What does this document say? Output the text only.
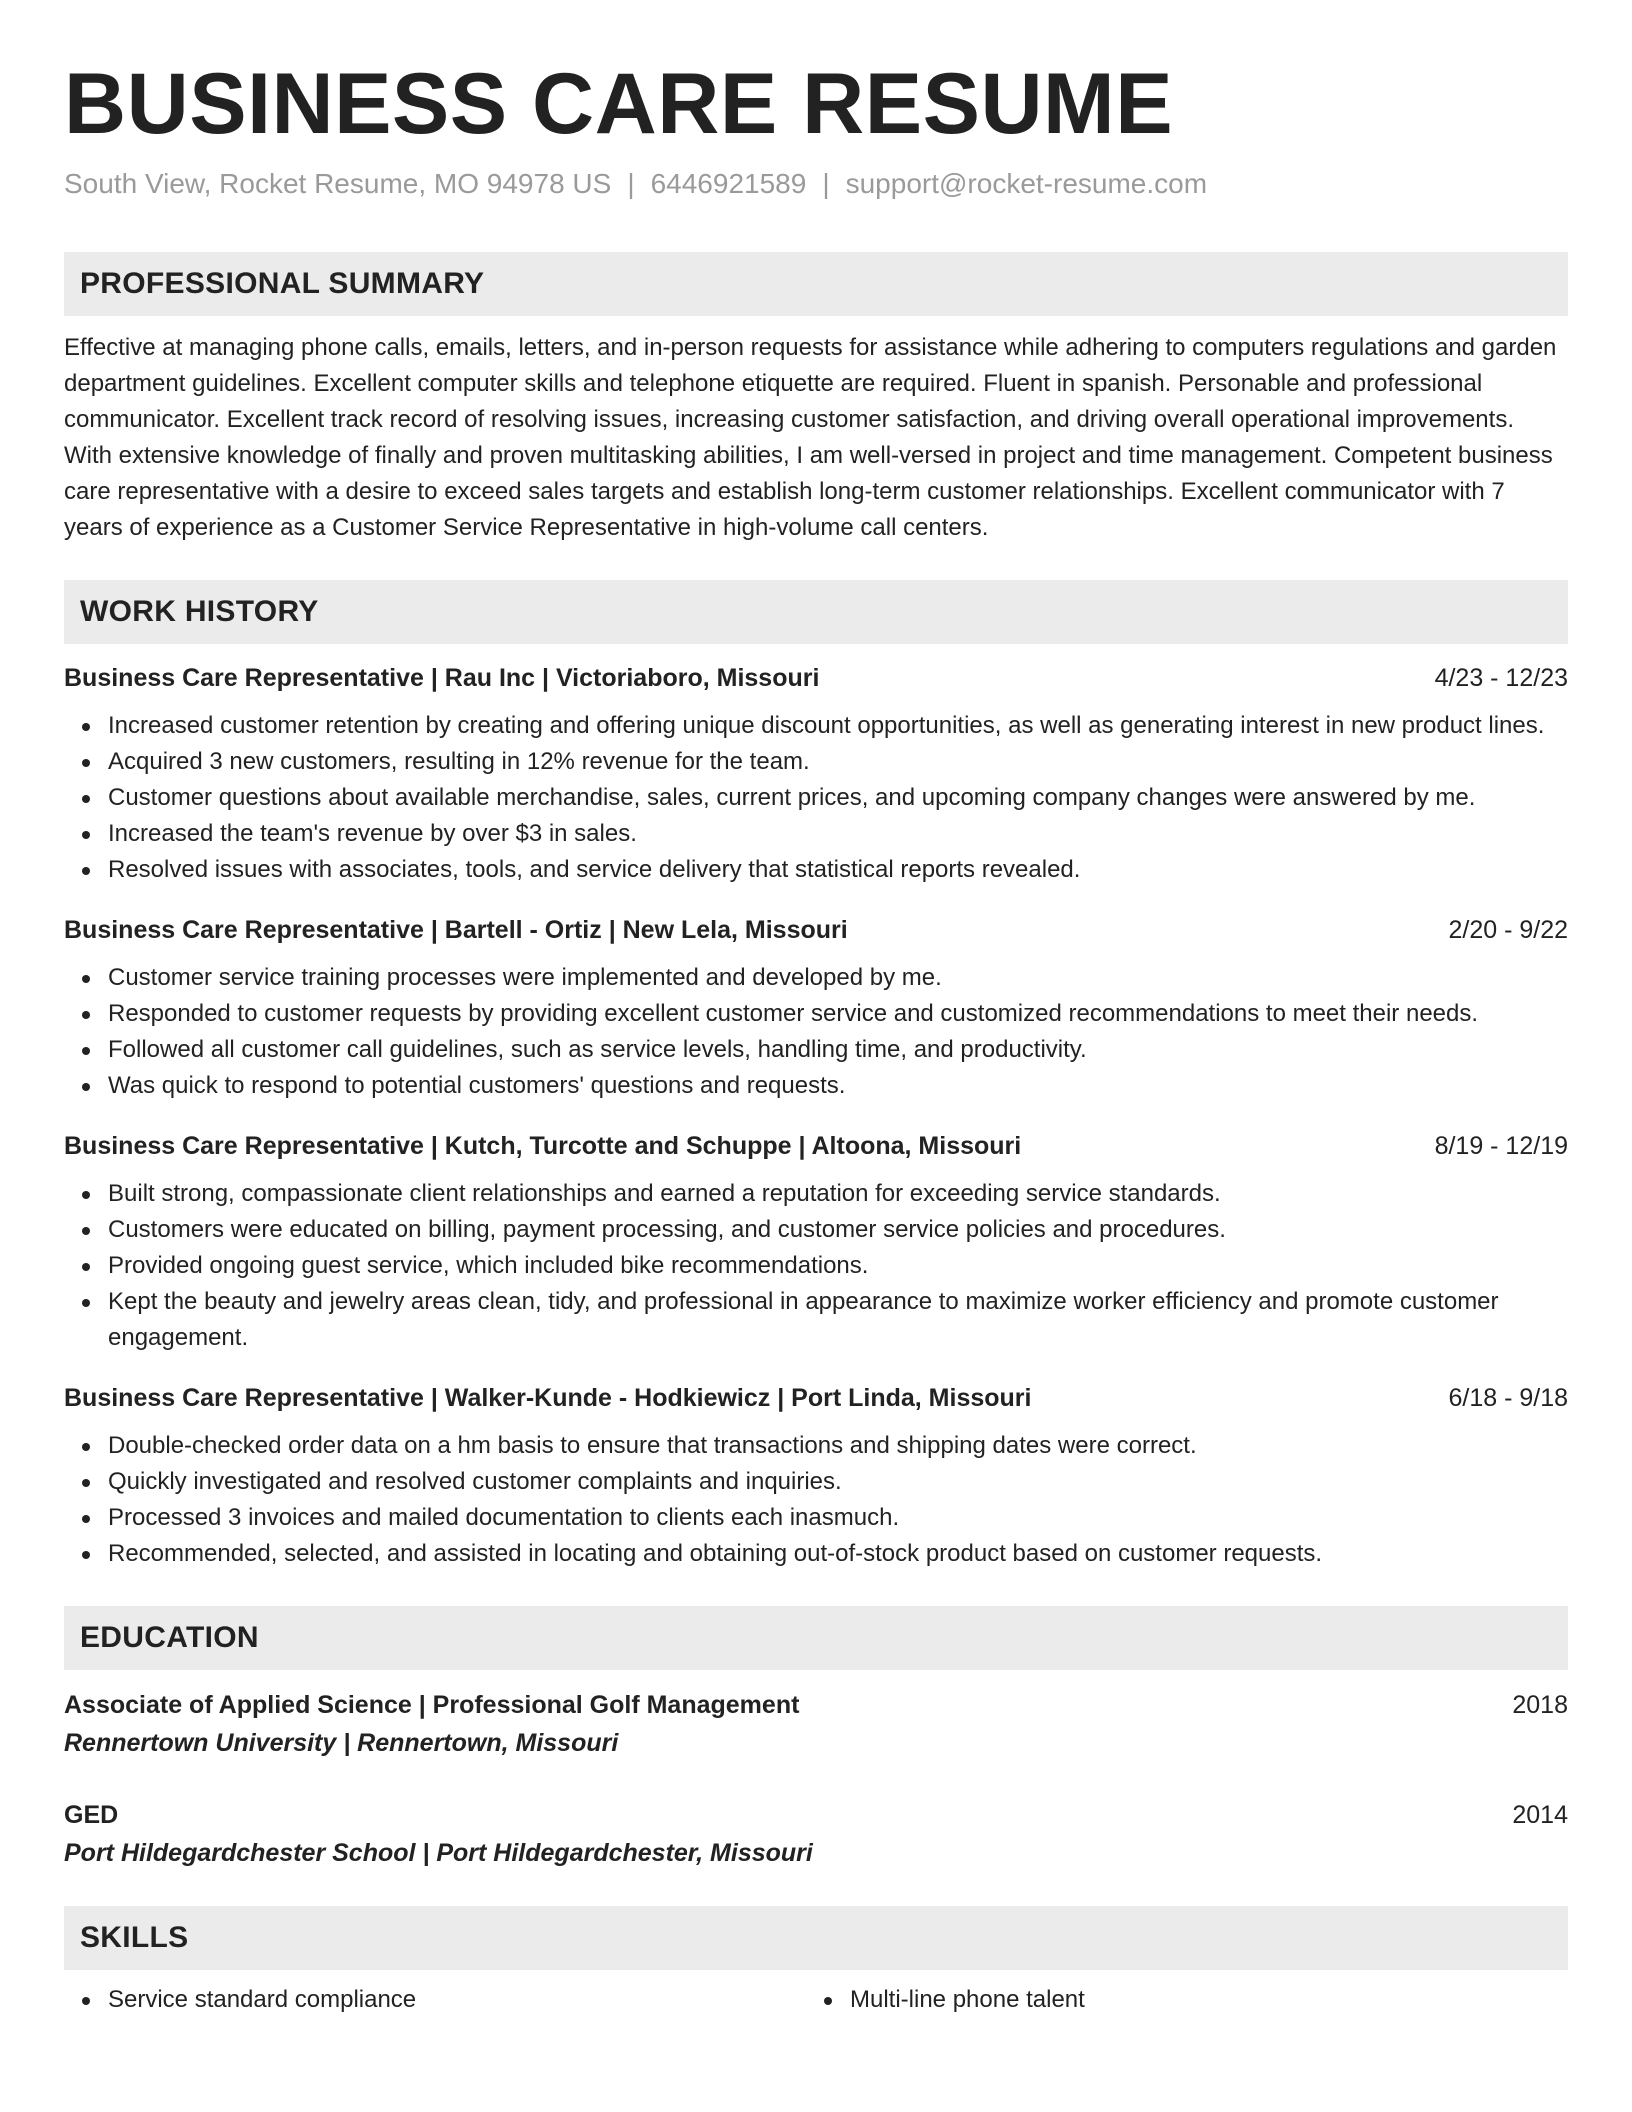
BUSINESS CARE RESUME
South View, Rocket Resume, MO 94978 US | 6446921589 | support@rocket-resume.com
PROFESSIONAL SUMMARY
Effective at managing phone calls, emails, letters, and in-person requests for assistance while adhering to computers regulations and garden department guidelines. Excellent computer skills and telephone etiquette are required. Fluent in spanish. Personable and professional communicator. Excellent track record of resolving issues, increasing customer satisfaction, and driving overall operational improvements. With extensive knowledge of finally and proven multitasking abilities, I am well-versed in project and time management. Competent business care representative with a desire to exceed sales targets and establish long-term customer relationships. Excellent communicator with 7 years of experience as a Customer Service Representative in high-volume call centers.
WORK HISTORY
Business Care Representative | Rau Inc | Victoriaboro, Missouri	4/23 - 12/23
Increased customer retention by creating and offering unique discount opportunities, as well as generating interest in new product lines.
Acquired 3 new customers, resulting in 12% revenue for the team.
Customer questions about available merchandise, sales, current prices, and upcoming company changes were answered by me.
Increased the team's revenue by over $3 in sales.
Resolved issues with associates, tools, and service delivery that statistical reports revealed.
Business Care Representative | Bartell - Ortiz | New Lela, Missouri	2/20 - 9/22
Customer service training processes were implemented and developed by me.
Responded to customer requests by providing excellent customer service and customized recommendations to meet their needs.
Followed all customer call guidelines, such as service levels, handling time, and productivity.
Was quick to respond to potential customers' questions and requests.
Business Care Representative | Kutch, Turcotte and Schuppe | Altoona, Missouri	8/19 - 12/19
Built strong, compassionate client relationships and earned a reputation for exceeding service standards.
Customers were educated on billing, payment processing, and customer service policies and procedures.
Provided ongoing guest service, which included bike recommendations.
Kept the beauty and jewelry areas clean, tidy, and professional in appearance to maximize worker efficiency and promote customer engagement.
Business Care Representative | Walker-Kunde - Hodkiewicz | Port Linda, Missouri	6/18 - 9/18
Double-checked order data on a hm basis to ensure that transactions and shipping dates were correct.
Quickly investigated and resolved customer complaints and inquiries.
Processed 3 invoices and mailed documentation to clients each inasmuch.
Recommended, selected, and assisted in locating and obtaining out-of-stock product based on customer requests.
EDUCATION
Associate of Applied Science | Professional Golf Management	2018
Rennertown University | Rennertown, Missouri
GED	2014
Port Hildegardchester School | Port Hildegardchester, Missouri
SKILLS
Service standard compliance	Multi-line phone talent
